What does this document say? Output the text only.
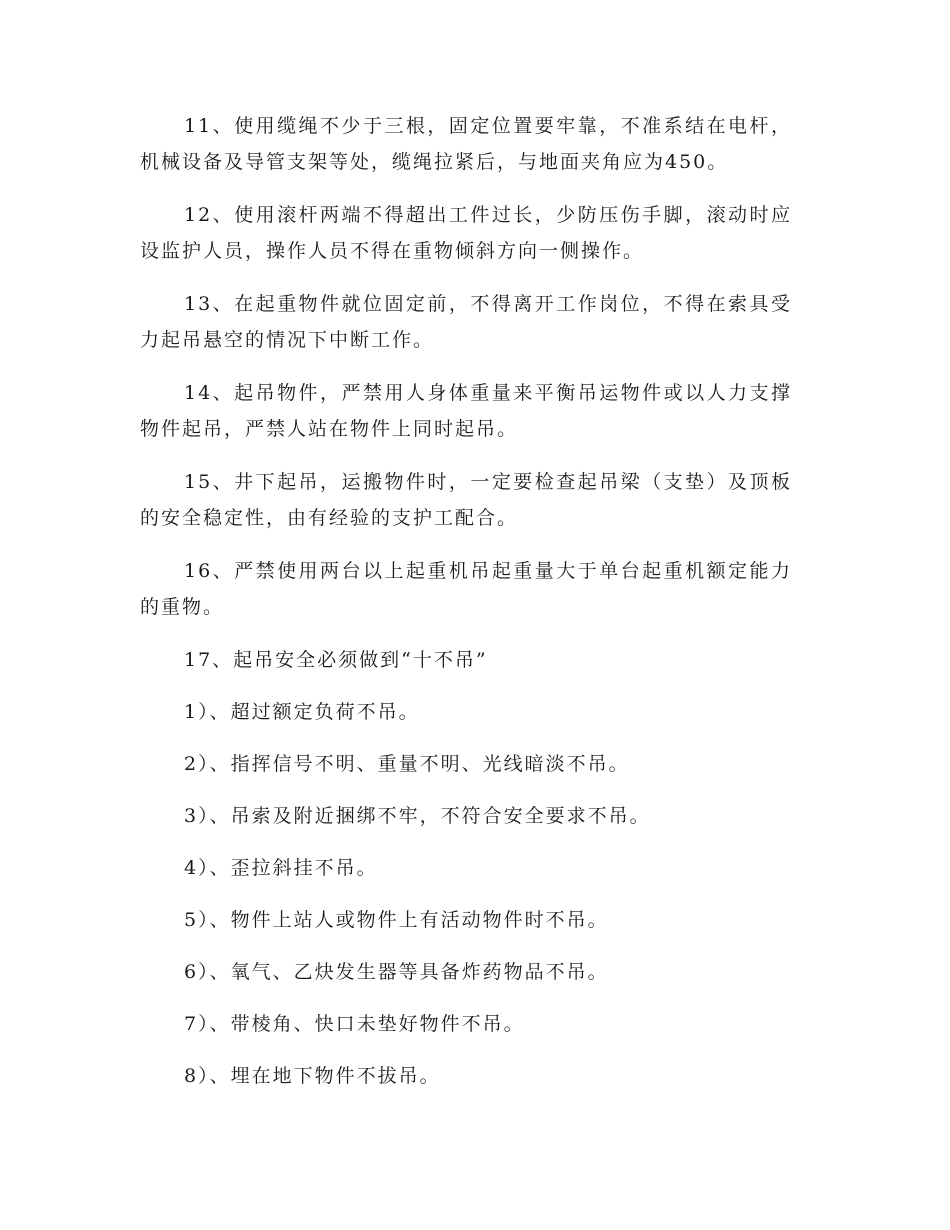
11、使用缆绳不少于三根，固定位置要牢靠，不准系结在电杆，机械设备及导管支架等处，缆绳拉紧后，与地面夹角应为450。

12、使用滚杆两端不得超出工件过长，少防压伤手脚，滚动时应设监护人员，操作人员不得在重物倾斜方向一侧操作。

13、在起重物件就位固定前，不得离开工作岗位，不得在索具受力起吊悬空的情况下中断工作。

14、起吊物件，严禁用人身体重量来平衡吊运物件或以人力支撑物件起吊，严禁人站在物件上同时起吊。

15、井下起吊，运搬物件时，一定要检查起吊梁（支垫）及顶板的安全稳定性，由有经验的支护工配合。

16、严禁使用两台以上起重机吊起重量大于单台起重机额定能力的重物。

17、起吊安全必须做到“十不吊”

1）、超过额定负荷不吊。

2）、指挥信号不明、重量不明、光线暗淡不吊。

3）、吊索及附近捆绑不牢，不符合安全要求不吊。

4）、歪拉斜挂不吊。

5）、物件上站人或物件上有活动物件时不吊。

6）、氧气、乙炔发生器等具备炸药物品不吊。

7）、带棱角、快口未垫好物件不吊。

8）、埋在地下物件不拔吊。
